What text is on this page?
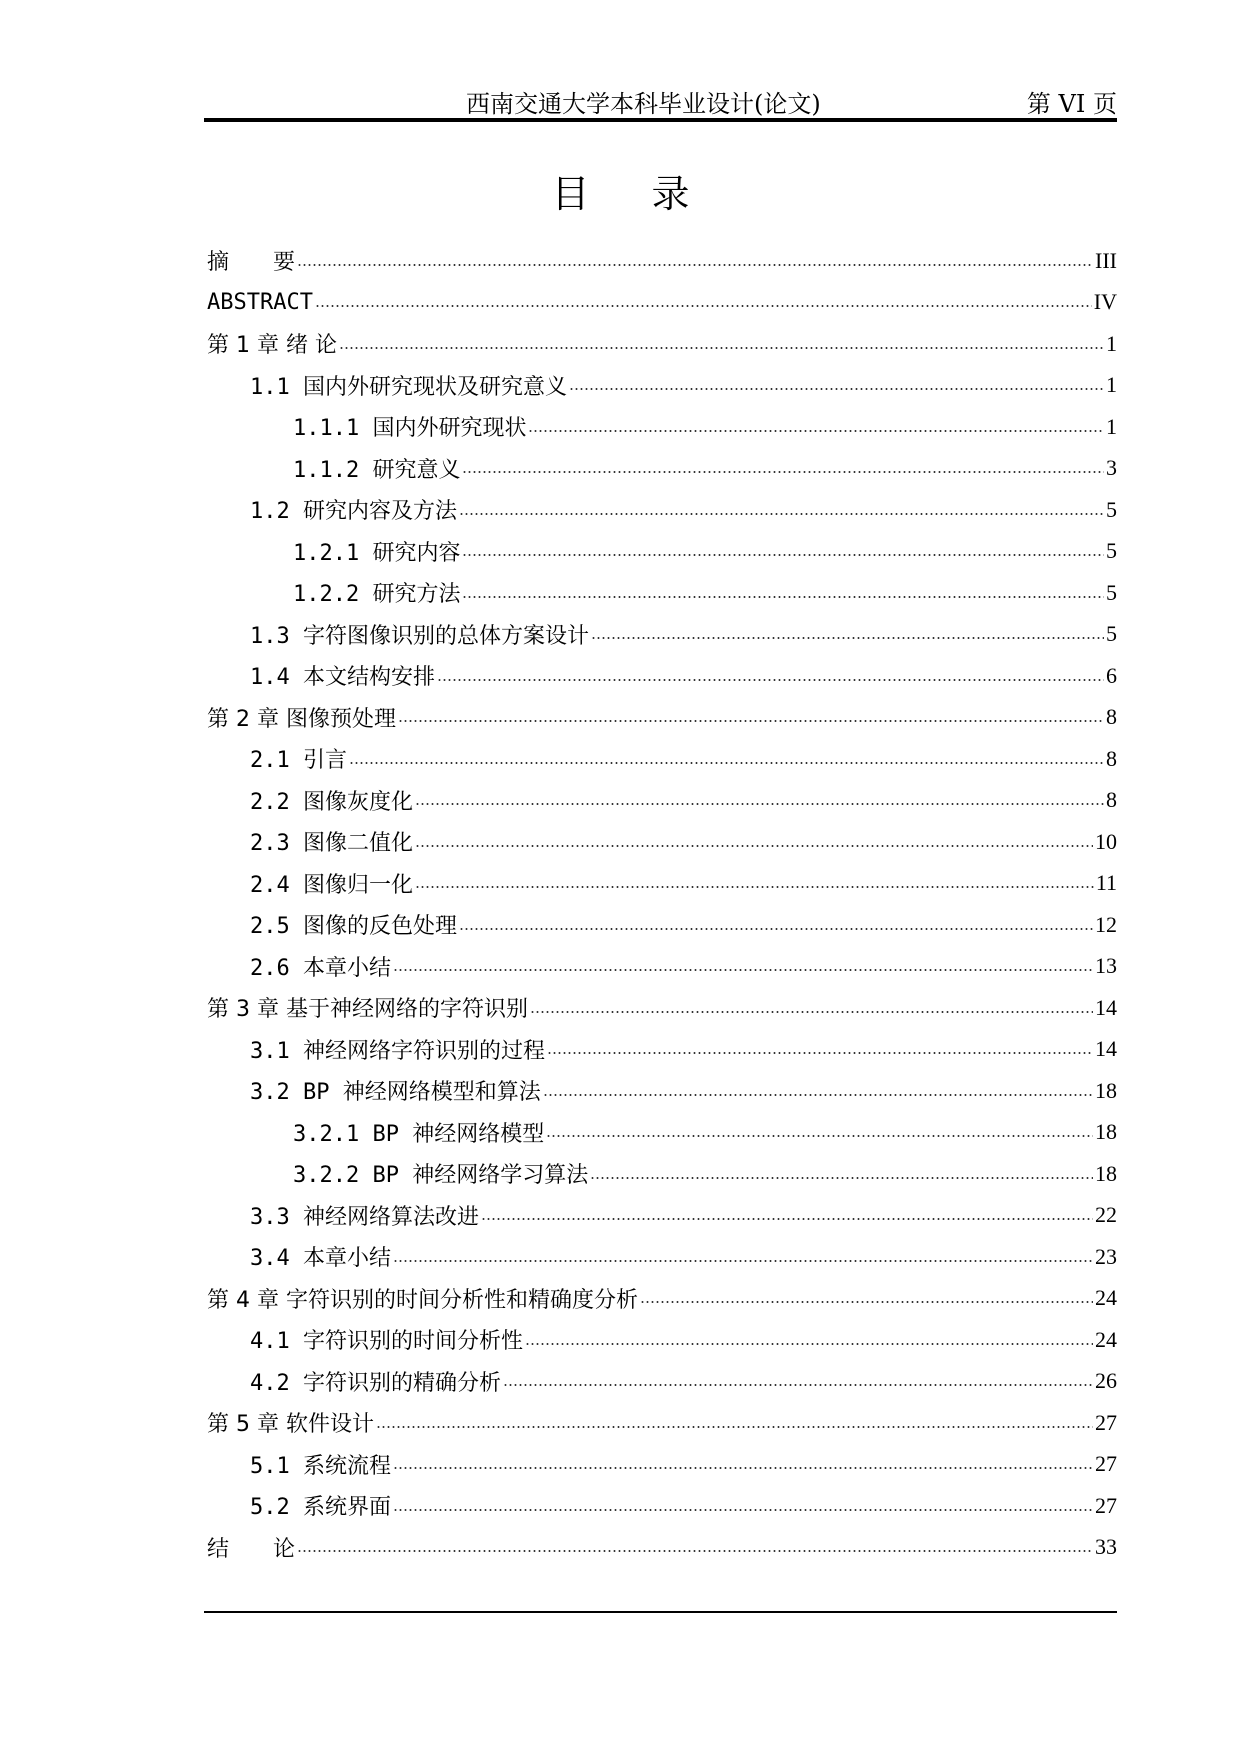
西南交通大学本科毕业设计(论文)	第 VI 页
目录
摘　　要	III
ABSTRACT	IV
第 1 章 绪 论	1
1.1 国内外研究现状及研究意义	1
1.1.1 国内外研究现状	1
1.1.2 研究意义	3
1.2 研究内容及方法	5
1.2.1 研究内容	5
1.2.2 研究方法	5
1.3 字符图像识别的总体方案设计	5
1.4 本文结构安排	6
第 2 章 图像预处理	8
2.1 引言	8
2.2 图像灰度化	8
2.3 图像二值化	10
2.4 图像归一化	11
2.5 图像的反色处理	12
2.6 本章小结	13
第 3 章 基于神经网络的字符识别	14
3.1 神经网络字符识别的过程	14
3.2 BP 神经网络模型和算法	18
3.2.1 BP 神经网络模型	18
3.2.2 BP 神经网络学习算法	18
3.3 神经网络算法改进	22
3.4 本章小结	23
第 4 章 字符识别的时间分析性和精确度分析	24
4.1 字符识别的时间分析性	24
4.2 字符识别的精确分析	26
第 5 章 软件设计	27
5.1 系统流程	27
5.2 系统界面	27
结　　论	33
